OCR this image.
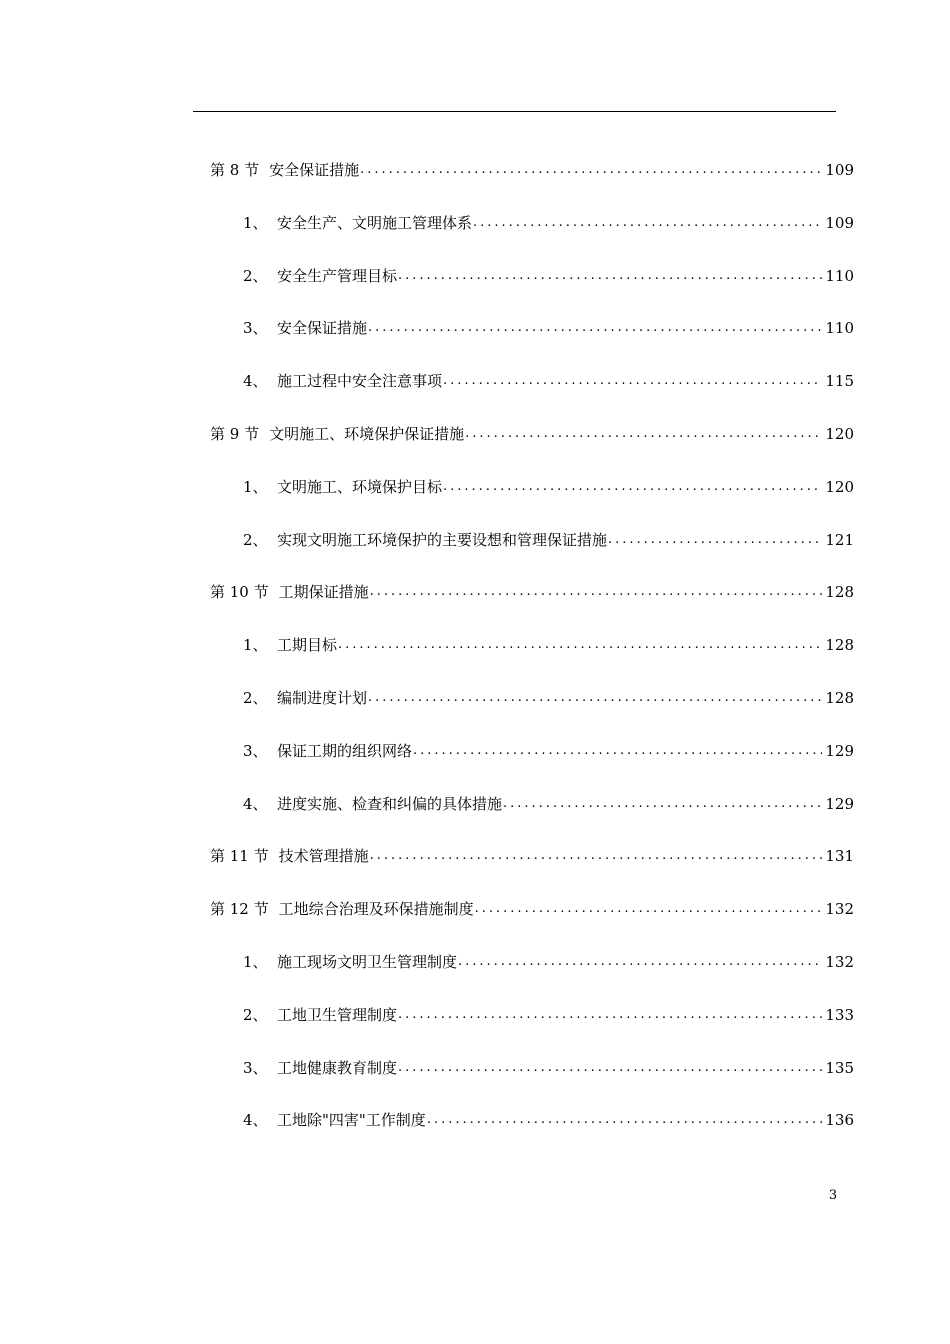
第 8 节 安全保证措施 .....	109
1、 安全生产、文明施工管理体系 .....	109
2、 安全生产管理目标 .....	110
3、 安全保证措施 .....	110
4、 施工过程中安全注意事项 .....	115
第 9 节 文明施工、环境保护保证措施 .....	120
1、 文明施工、环境保护目标 .....	120
2、 实现文明施工环境保护的主要设想和管理保证措施 .....	121
第 10 节 工期保证措施 .....	128
1、 工期目标 .....	128
2、 编制进度计划 .....	128
3、 保证工期的组织网络 .....	129
4、 进度实施、检查和纠偏的具体措施 .....	129
第 11 节 技术管理措施 .....	131
第 12 节 工地综合治理及环保措施制度 .....	132
1、 施工现场文明卫生管理制度 .....	132
2、 工地卫生管理制度 .....	133
3、 工地健康教育制度 .....	135
4、 工地除"四害"工作制度 .....	136
3
